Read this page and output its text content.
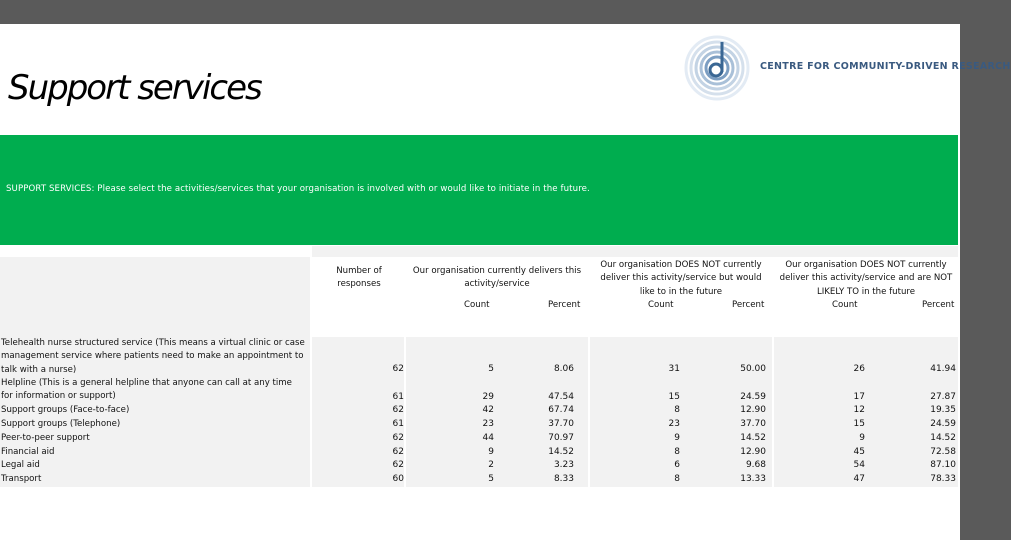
Support services
CENTRE FOR COMMUNITY-DRIVEN RESEARCH
SUPPORT SERVICES: Please select the activities/services that your organisation is involved with or would like to initiate in the future.
Number of responses
Our organisation currently delivers this activity/service
Count	Percent
Our organisation DOES NOT currently deliver this activity/service but would like to in the future
Count	Percent
Our organisation DOES NOT currently deliver this activity/service and are NOT LIKELY TO in the future
Count	Percent
Telehealth nurse structured service (This means a virtual clinic or case management service where patients need to make an appointment to talk with a nurse)	62	5	8.06	31	50.00	26	41.94
Helpline (This is a general helpline that anyone can call at any time for information or support)	61	29	47.54	15	24.59	17	27.87
Support groups (Face-to-face)	62	42	67.74	8	12.90	12	19.35
Support groups (Telephone)	61	23	37.70	23	37.70	15	24.59
Peer-to-peer support	62	44	70.97	9	14.52	9	14.52
Financial aid	62	9	14.52	8	12.90	45	72.58
Legal aid	62	2	3.23	6	9.68	54	87.10
Transport	60	5	8.33	8	13.33	47	78.33
